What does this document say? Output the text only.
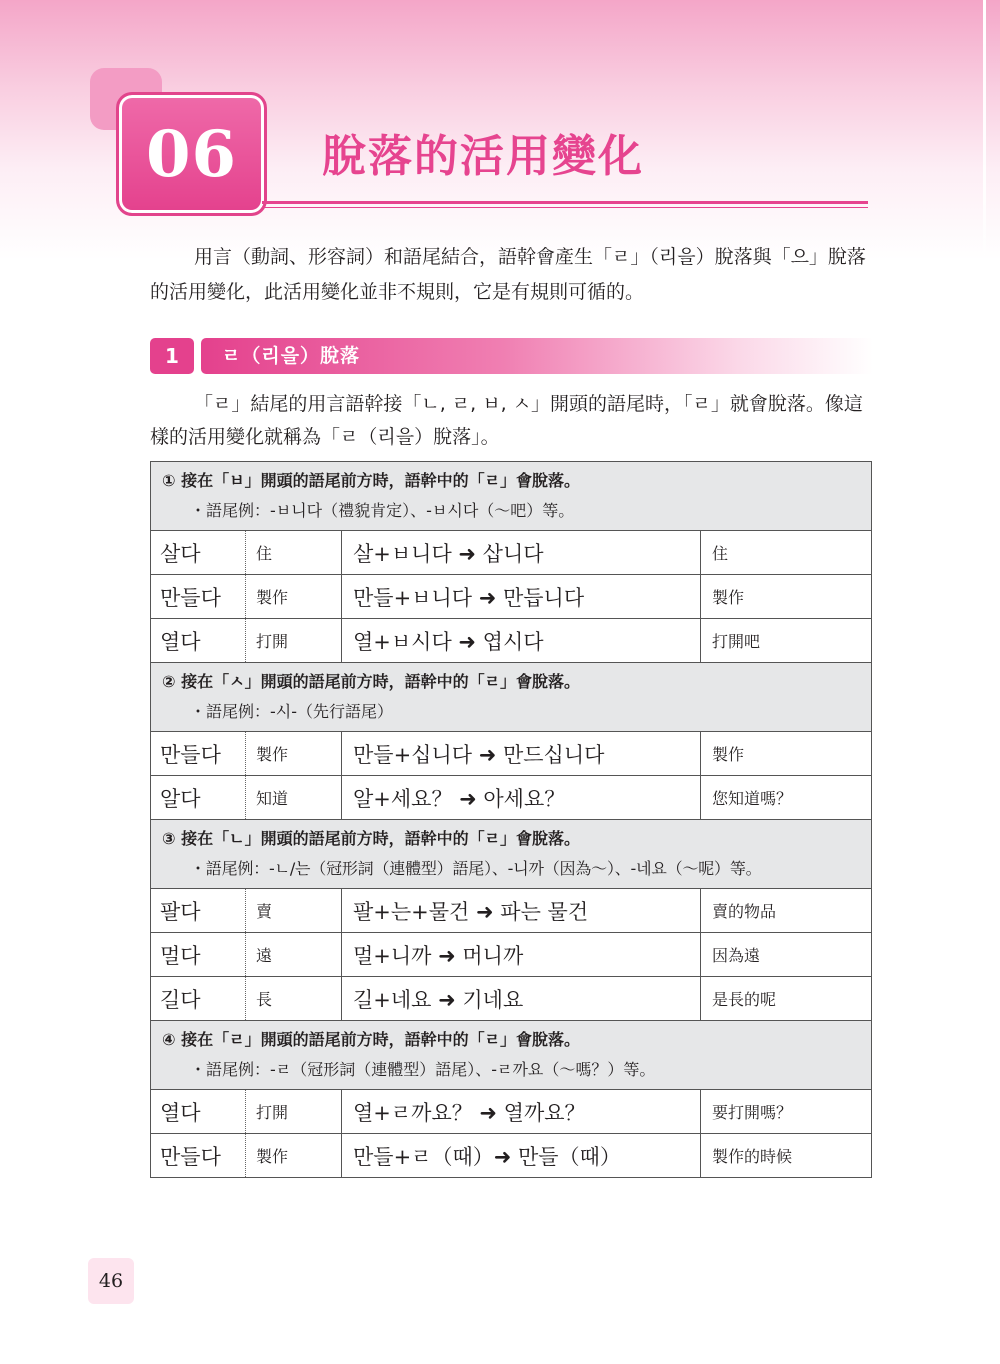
06 脫落的活用變化
用言（動詞、形容詞）和語尾結合，語幹會產生「ㄹ」（리을）脫落與「으」脫落的活用變化，此活用變化並非不規則，它是有規則可循的。
1	ㄹ（리을）脫落
「ㄹ」結尾的用言語幹接「ㄴ, ㄹ, ㅂ, ㅅ」開頭的語尾時，「ㄹ」就會脫落。像這樣的活用變化就稱為「ㄹ（리을）脫落」。
① 接在「ㅂ」開頭的語尾前方時，語幹中的「ㄹ」會脫落。
・語尾例：-ㅂ니다（禮貌肯定）、-ㅂ시다（～吧）等。			

살다	住	살+ㅂ니다 ➜ 삽니다	住
만들다	製作	만들+ㅂ니다 ➜ 만듭니다	製作
열다	打開	열+ㅂ시다 ➜ 엽시다	打開吧

② 接在「ㅅ」開頭的語尾前方時，語幹中的「ㄹ」會脫落。
・語尾例：-시-（先行語尾）			

만들다	製作	만들+십니다 ➜ 만드십니다	製作
알다	知道	알+세요？ ➜ 아세요？	您知道嗎？

③ 接在「ㄴ」開頭的語尾前方時，語幹中的「ㄹ」會脫落。
・語尾例：-ㄴ/는（冠形詞（連體型）語尾）、-니까（因為～）、-네요（～呢）等。			

팔다	賣	팔+는+물건 ➜ 파는 물건	賣的物品
멀다	遠	멀+니까 ➜ 머니까	因為遠
길다	長	길+네요 ➜ 기네요	是長的呢

④ 接在「ㄹ」開頭的語尾前方時，語幹中的「ㄹ」會脫落。
・語尾例：-ㄹ（冠形詞（連體型）語尾）、-ㄹ까요（～嗎？）等。			

열다	打開	열+ㄹ까요？ ➜ 열까요？	要打開嗎？
만들다	製作	만들+ㄹ（때）➜ 만들（때）	製作的時候
46
